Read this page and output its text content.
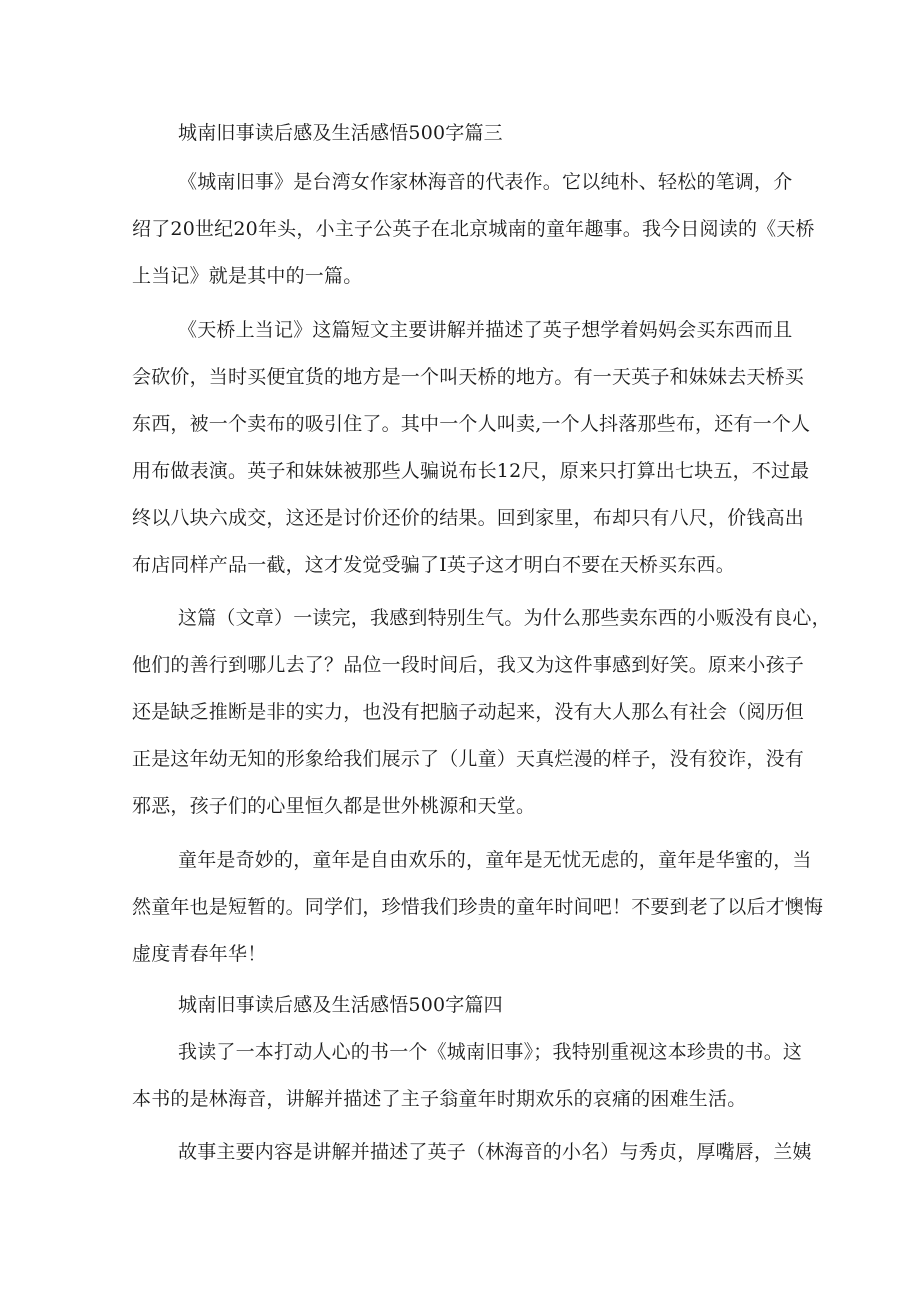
城南旧事读后感及生活感悟500字篇三
《城南旧事》是台湾女作家林海音的代表作。它以纯朴、轻松的笔调，介
绍了20世纪20年头，小主子公英子在北京城南的童年趣事。我今日阅读的《天桥
上当记》就是其中的一篇。
《天桥上当记》这篇短文主要讲解并描述了英子想学着妈妈会买东西而且
会砍价，当时买便宜货的地方是一个叫天桥的地方。有一天英子和妹妹去天桥买
东西，被一个卖布的吸引住了。其中一个人叫卖,一个人抖落那些布，还有一个人
用布做表演。英子和妹妹被那些人骗说布长12尺，原来只打算出七块五，不过最
终以八块六成交，这还是讨价还价的结果。回到家里，布却只有八尺，价钱高出
布店同样产品一截，这才发觉受骗了I英子这才明白不要在天桥买东西。
这篇（文章）一读完，我感到特别生气。为什么那些卖东西的小贩没有良心，
他们的善行到哪儿去了？品位一段时间后，我又为这件事感到好笑。原来小孩子
还是缺乏推断是非的实力，也没有把脑子动起来，没有大人那么有社会（阅历但
正是这年幼无知的形象给我们展示了（儿童）天真烂漫的样子，没有狡诈，没有
邪恶，孩子们的心里恒久都是世外桃源和天堂。
童年是奇妙的，童年是自由欢乐的，童年是无忧无虑的，童年是华蜜的，当
然童年也是短暂的。同学们，珍惜我们珍贵的童年时间吧！不要到老了以后才懊悔
虚度青春年华！
城南旧事读后感及生活感悟500字篇四
我读了一本打动人心的书一个《城南旧事》；我特别重视这本珍贵的书。这
本书的是林海音，讲解并描述了主子翁童年时期欢乐的哀痛的困难生活。
故事主要内容是讲解并描述了英子（林海音的小名）与秀贞，厚嘴唇，兰姨
